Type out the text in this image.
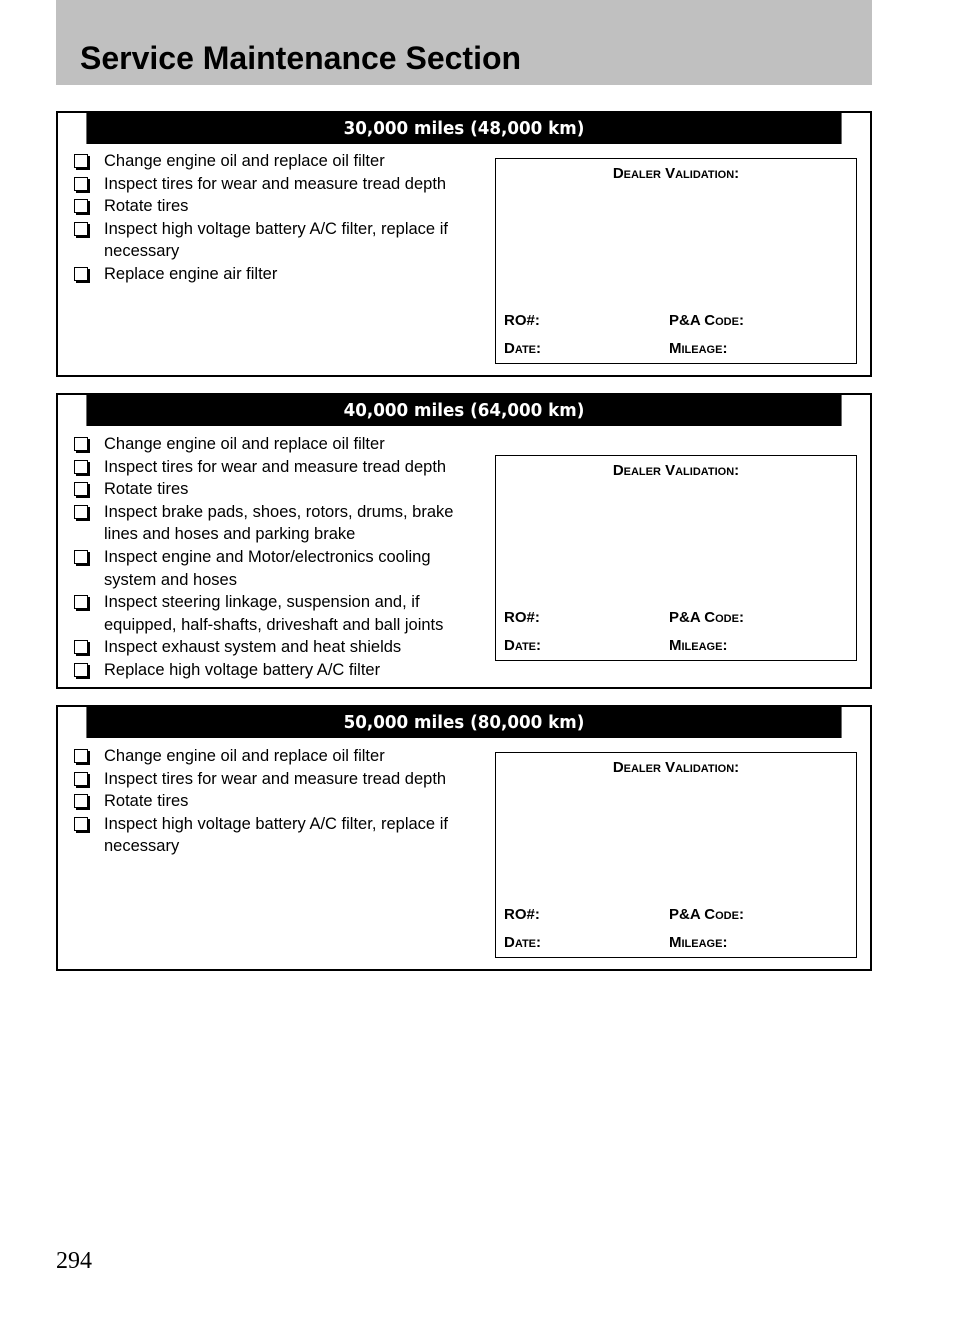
Service Maintenance Section
30,000 miles (48,000 km)
Change engine oil and replace oil filter
Inspect tires for wear and measure tread depth
Rotate tires
Inspect high voltage battery A/C filter, replace if necessary
Replace engine air filter
Dealer Validation:
RO#:	P&A Code:
Date:	Mileage:
40,000 miles (64,000 km)
Change engine oil and replace oil filter
Inspect tires for wear and measure tread depth
Rotate tires
Inspect brake pads, shoes, rotors, drums, brake lines and hoses and parking brake
Inspect engine and Motor/electronics cooling system and hoses
Inspect steering linkage, suspension and, if equipped, half-shafts, driveshaft and ball joints
Inspect exhaust system and heat shields
Replace high voltage battery A/C filter
Dealer Validation:
RO#:	P&A Code:
Date:	Mileage:
50,000 miles (80,000 km)
Change engine oil and replace oil filter
Inspect tires for wear and measure tread depth
Rotate tires
Inspect high voltage battery A/C filter, replace if necessary
Dealer Validation:
RO#:	P&A Code:
Date:	Mileage:
294
